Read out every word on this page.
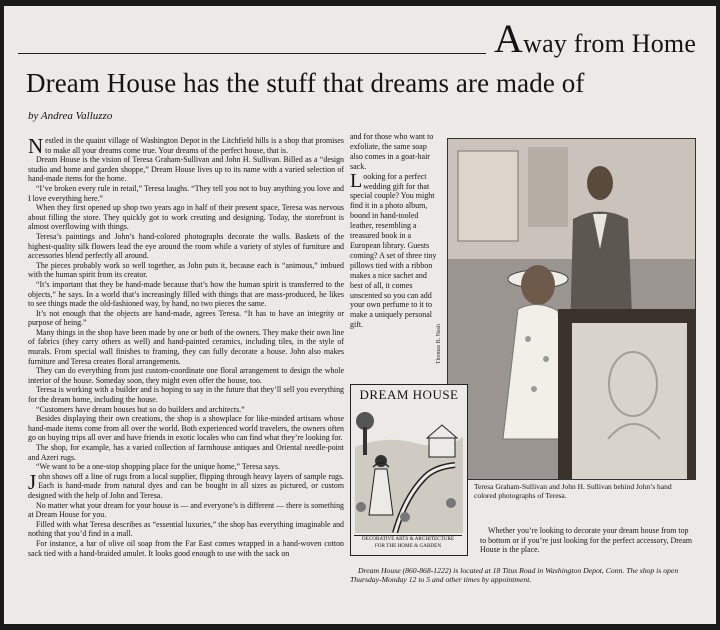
Away from Home
Dream House has the stuff that dreams are made of
by Andrea Valluzzo

Nestled in the quaint village of Washington Depot in the Litchfield hills is a shop that promises to make all your dreams come true. Your dreams of the perfect house, that is.

Dream House is the vision of Teresa Graham-Sullivan and John H. Sullivan. Billed as a “design studio and home and garden shoppe,” Dream House lives up to its name with a varied selection of hand-made items for the home.

“I’ve broken every rule in retail,” Teresa laughs. “They tell you not to buy anything you love and I love everything here.”

When they first opened up shop two years ago in half of their present space, Teresa was nervous about filling the store. They quickly got to work creating and designing. Today, the storefront is almost overflowing with things.

Teresa’s paintings and John’s hand-colored photographs decorate the walls. Baskets of the highest-quality silk flowers lead the eye around the room while a variety of styles of furniture and accessories blend perfectly all around.

The pieces probably work so well together, as John puts it, because each is “animous,” imbued with the human spirit from its creator.

“It’s important that they be hand-made because that’s how the human spirit is transferred to the objects,” he says. In a world that’s increasingly filled with things that are mass-produced, he likes to see things made the old-fashioned way, by hand, no two pieces the same.

It’s not enough that the objects are hand-made, agrees Teresa. “It has to have an integrity or purpose of being.”

Many things in the shop have been made by one or both of the owners. They make their own line of fabrics (they carry others as well) and hand-painted ceramics, including tiles, in the style of murals. From special wall finishes to framing, they can fully decorate a house. John also makes furniture and Teresa creates floral arrangements.

They can do everything from just custom-coordinate one floral arrangement to design the whole interior of the house. Someday soon, they might even offer the house, too.

Teresa is working with a builder and is hoping to say in the future that they’ll sell you everything for the dream home, including the house.

“Customers have dream houses but so do builders and architects.”

Besides displaying their own creations, the shop is a showplace for like-minded artisans whose hand-made items come from all over the world. Both experienced world travelers, the owners often go on buying trips all over and have friends in exotic locales who can find what they’re looking for.

The shop, for example, has a varied collection of farmhouse antiques and Oriental needle-point and Azeri rugs.

“We want to be a one-stop shopping place for the unique home,” Teresa says.

John shows off a line of rugs from a local supplier, flipping through heavy layers of sample rugs. Each is hand-made from natural dyes and can be bought in all sizes as pictured, or custom designed with the help of John and Teresa.

No matter what your dream for your house is — and everyone’s is different — there is something at Dream House for you.

Filled with what Teresa describes as “essential luxuries,” the shop has everything imaginable and nothing that you’d find in a mall.

For instance, a bar of olive oil soap from the Far East comes wrapped in a hand-woven cotton sack tied with a hand-braided amulet. It looks good enough to use with the sack on

and for those who want to exfoliate, the same soap also comes in a goat-hair sack.

Looking for a perfect wedding gift for that special couple? You might find it in a photo album, bound in hand-tooled leather, resembling a treasured book in a European library. Guests coming? A set of three tiny pillows tied with a ribbon makes a nice sachet and best of all, it comes unscented so you can add your own perfume to it to make a uniquely personal gift.	Thomas B. Nash
Teresa Graham-Sullivan and John H. Sullivan behind John’s hand colored photographs of Teresa.
DREAM HOUSE
DECORATIVE ARTS & ARCHITECTURE
FOR THE HOME & GARDEN
Whether you’re looking to decorate your dream house from top to bottom or if you’re just looking for the perfect accessory, Dream House is the place.
Dream House (860-868-1222) is located at 18 Titus Road in Washington Depot, Conn. The shop is open Thursday-Monday 12 to 5 and other times by appointment.
